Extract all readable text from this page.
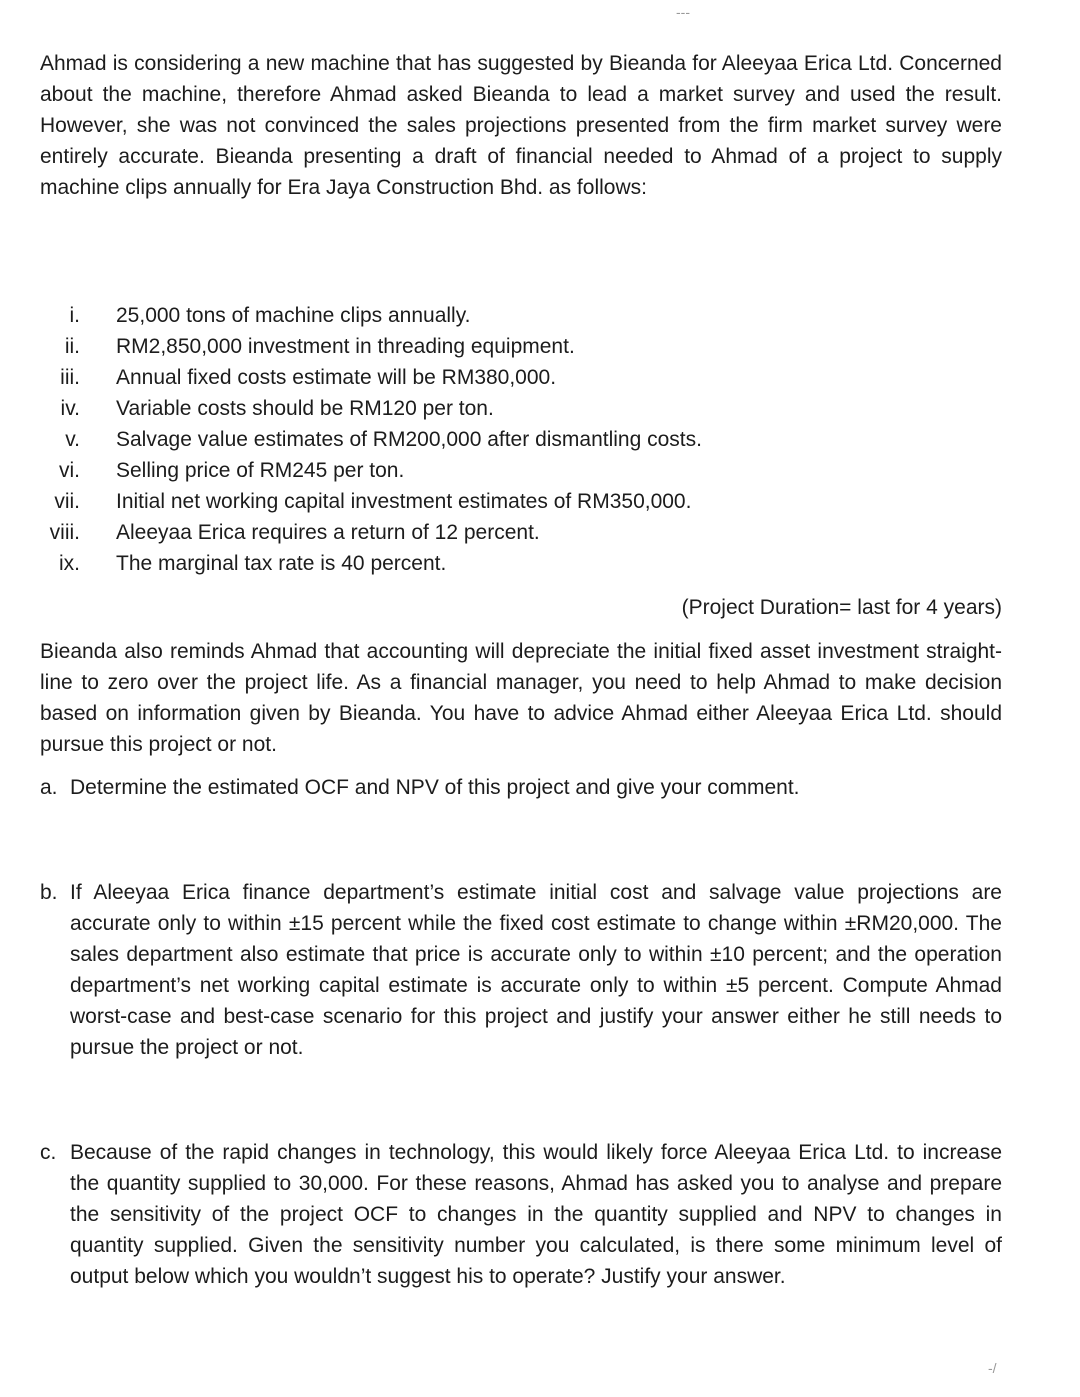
---

Ahmad is considering a new machine that has suggested by Bieanda for Aleeyaa Erica Ltd. Concerned about the machine, therefore Ahmad asked Bieanda to lead a market survey and used the result. However, she was not convinced the sales projections presented from the firm market survey were entirely accurate. Bieanda presenting a draft of financial needed to Ahmad of a project to supply machine clips annually for Era Jaya Construction Bhd. as follows:

i. 25,000 tons of machine clips annually.
ii. RM2,850,000 investment in threading equipment.
iii. Annual fixed costs estimate will be RM380,000.
iv. Variable costs should be RM120 per ton.
v. Salvage value estimates of RM200,000 after dismantling costs.
vi. Selling price of RM245 per ton.
vii. Initial net working capital investment estimates of RM350,000.
viii. Aleeyaa Erica requires a return of 12 percent.
ix. The marginal tax rate is 40 percent.
(Project Duration= last for 4 years)

Bieanda also reminds Ahmad that accounting will depreciate the initial fixed asset investment straight-line to zero over the project life. As a financial manager, you need to help Ahmad to make decision based on information given by Bieanda. You have to advice Ahmad either Aleeyaa Erica Ltd. should pursue this project or not.

a. Determine the estimated OCF and NPV of this project and give your comment.
b. If Aleeyaa Erica finance department’s estimate initial cost and salvage value projections are accurate only to within ±15 percent while the fixed cost estimate to change within ±RM20,000. The sales department also estimate that price is accurate only to within ±10 percent; and the operation department’s net working capital estimate is accurate only to within ±5 percent. Compute Ahmad worst-case and best-case scenario for this project and justify your answer either he still needs to pursue the project or not.
c. Because of the rapid changes in technology, this would likely force Aleeyaa Erica Ltd. to increase the quantity supplied to 30,000. For these reasons, Ahmad has asked you to analyse and prepare the sensitivity of the project OCF to changes in the quantity supplied and NPV to changes in quantity supplied. Given the sensitivity number you calculated, is there some minimum level of output below which you wouldn’t suggest his to operate? Justify your answer.
-/
